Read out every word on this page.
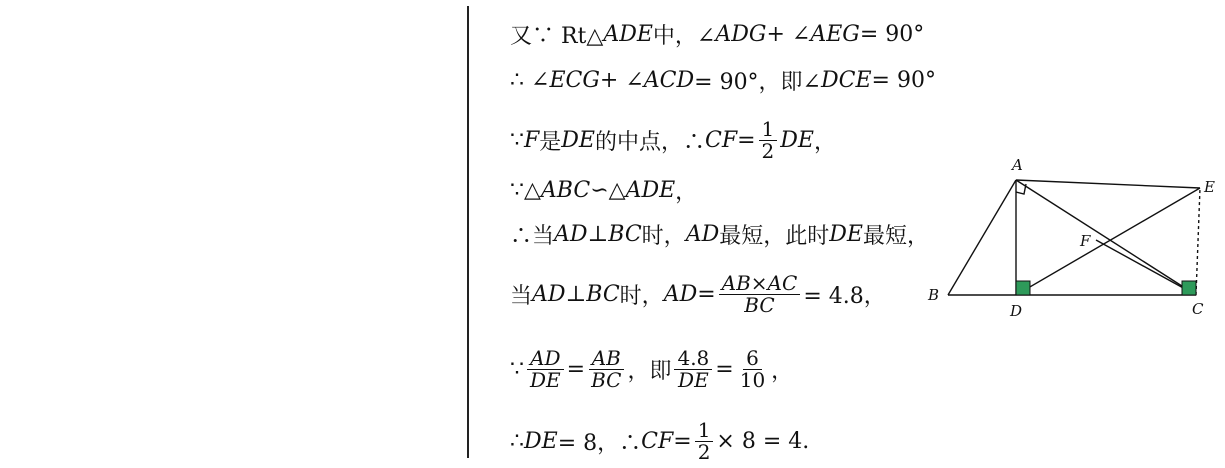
又∵ Rt△ ADE 中，∠ ADG + ∠ AEG = 90°
∴ ∠ ECG + ∠ ACD = 90°，即∠ DCE = 90°
∵ F 是 DE 的中点，∴ CF = $\frac{1}{2}$ DE ，
∵△ ABC ∽△ ADE ，
∴当 AD ⊥ BC 时， AD 最短，此时 DE 最短，
当 AD ⊥ BC 时， AD = $\frac{AB\times AC}{BC} = 4.8$，
∵ $\frac{AD}{DE} = \frac{AB}{BC}$ ，即 $\frac{4.8}{DE} = \frac{6}{10}$ ，
∴ DE = 8，∴ CF = $\frac{1}{2} \times 8 = 4$.
A
B
C
D
E
F
